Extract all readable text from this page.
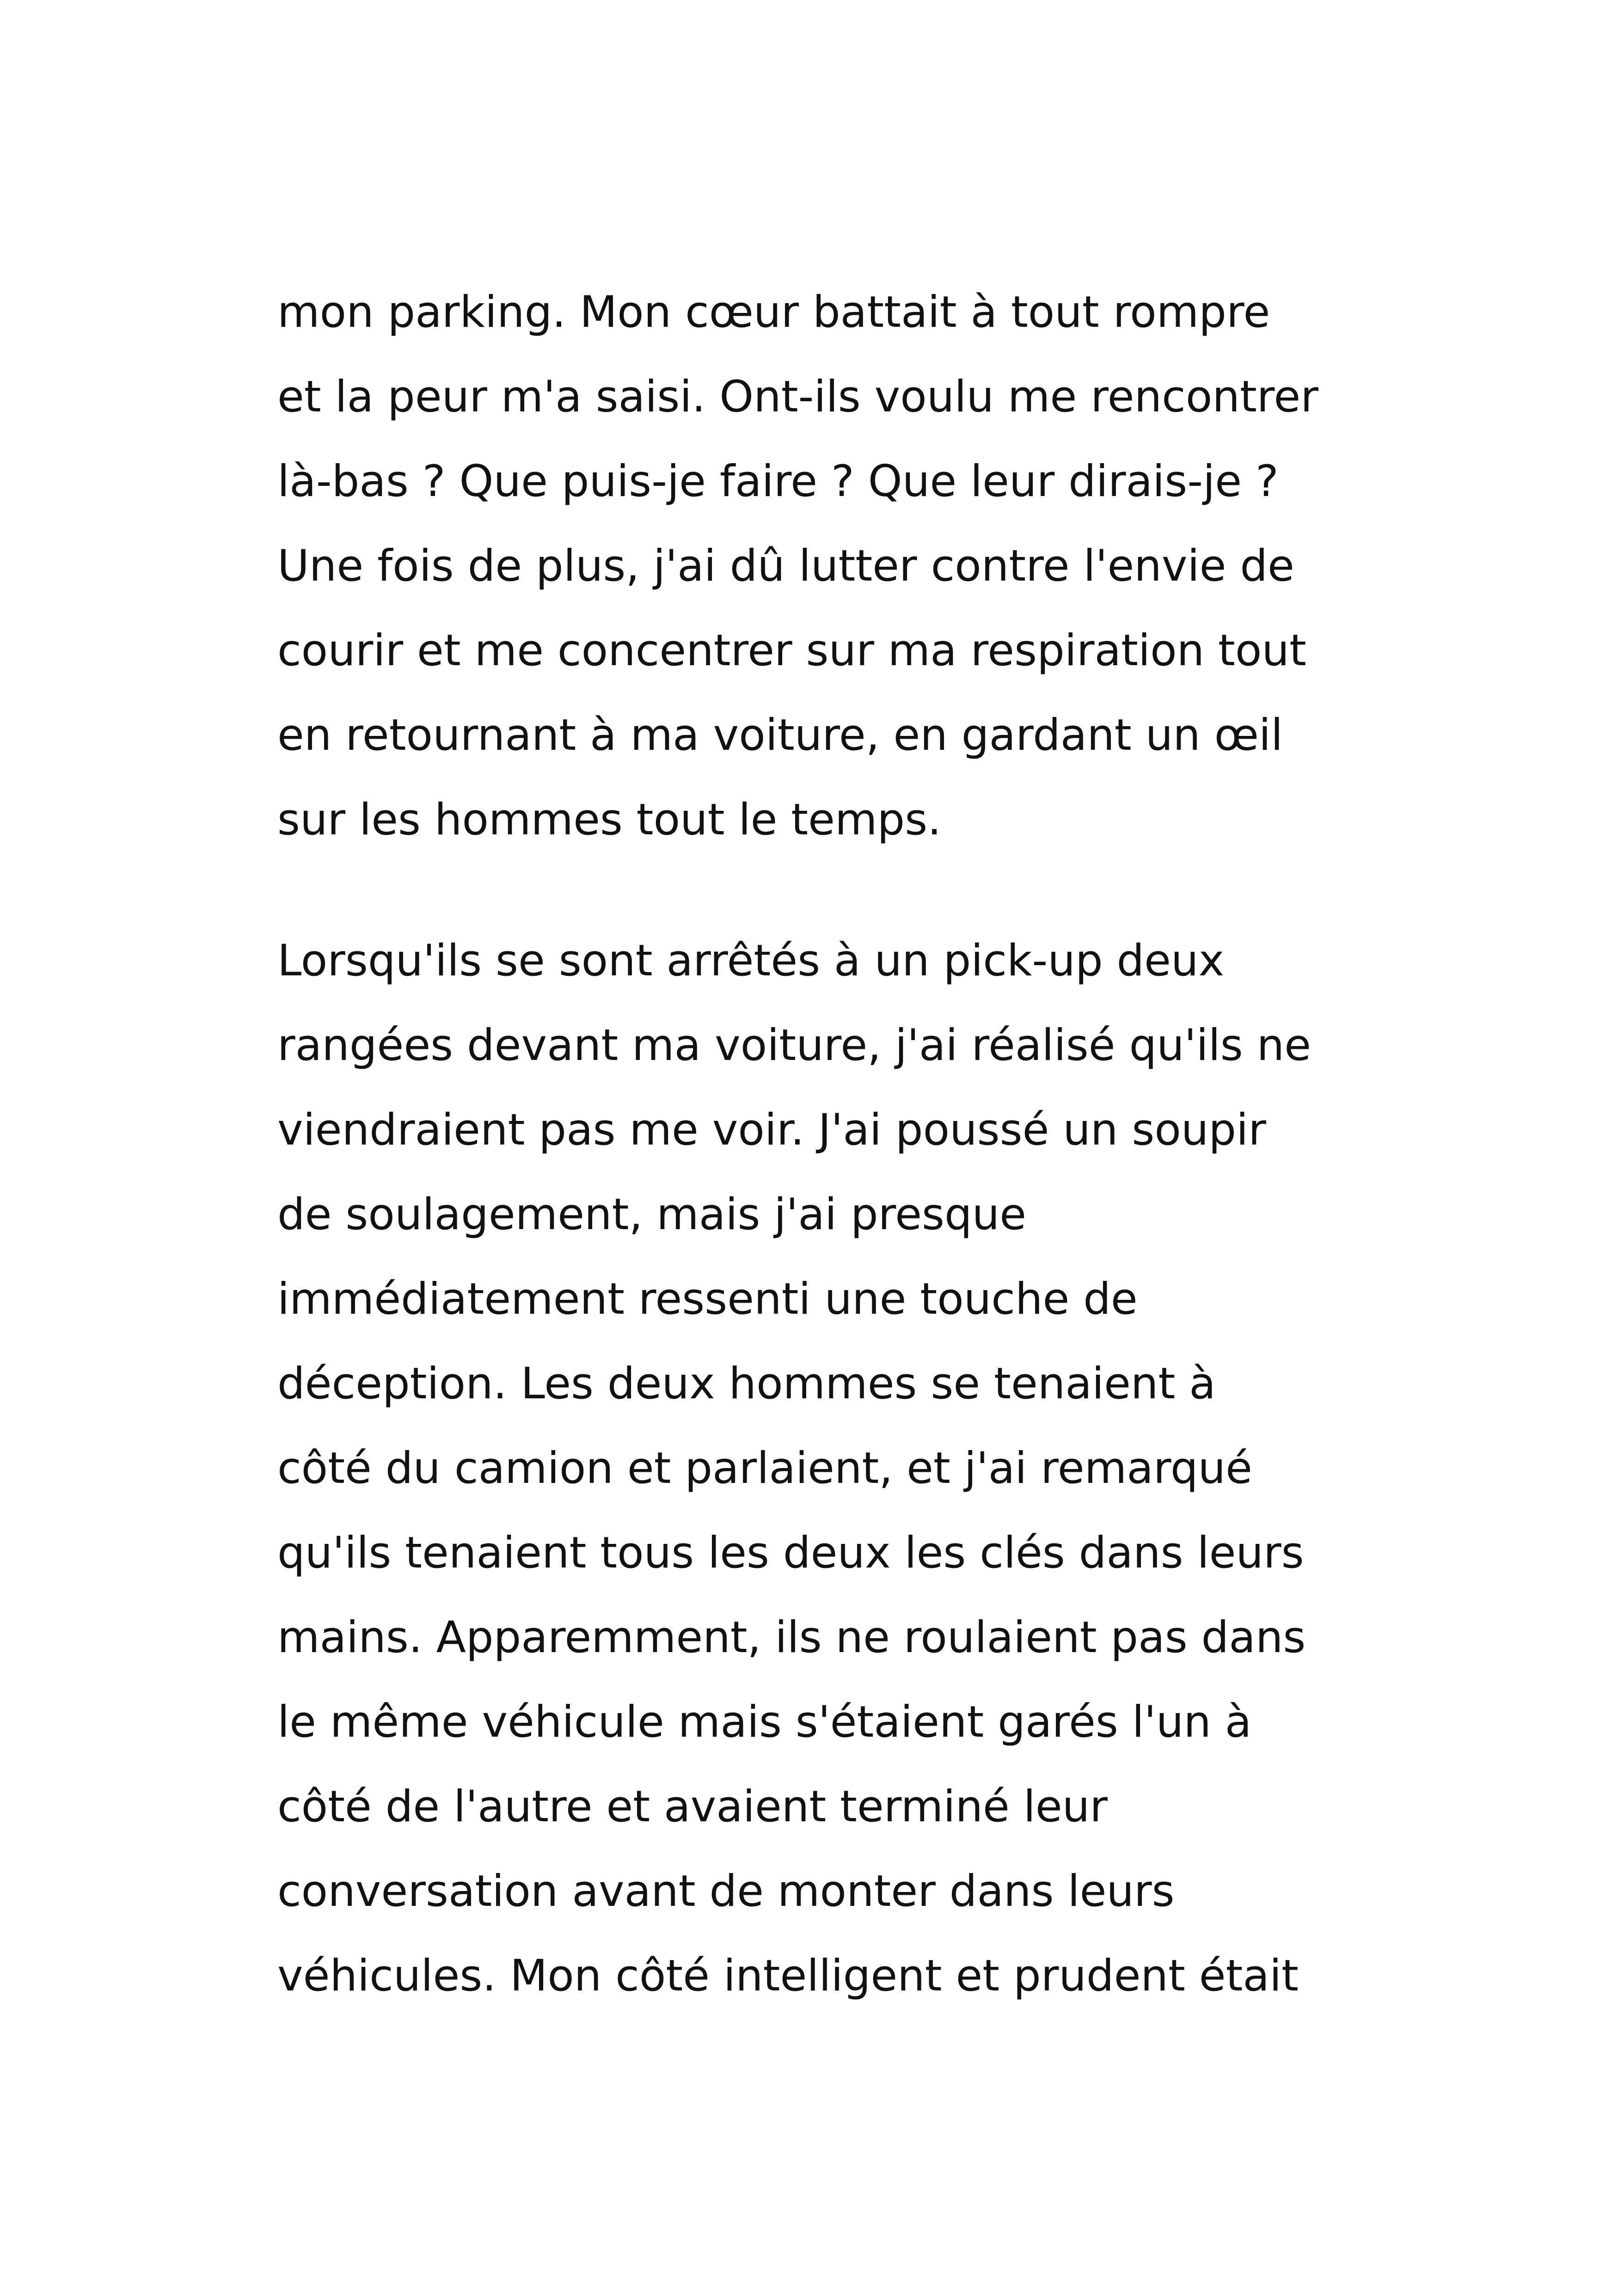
mon parking. Mon cœur battait à tout rompre
et la peur m'a saisi. Ont-ils voulu me rencontrer
là-bas ? Que puis-je faire ? Que leur dirais-je ?
Une fois de plus, j'ai dû lutter contre l'envie de
courir et me concentrer sur ma respiration tout
en retournant à ma voiture, en gardant un œil
sur les hommes tout le temps.
Lorsqu'ils se sont arrêtés à un pick-up deux
rangées devant ma voiture, j'ai réalisé qu'ils ne
viendraient pas me voir. J'ai poussé un soupir
de soulagement, mais j'ai presque
immédiatement ressenti une touche de
déception. Les deux hommes se tenaient à
côté du camion et parlaient, et j'ai remarqué
qu'ils tenaient tous les deux les clés dans leurs
mains. Apparemment, ils ne roulaient pas dans
le même véhicule mais s'étaient garés l'un à
côté de l'autre et avaient terminé leur
conversation avant de monter dans leurs
véhicules. Mon côté intelligent et prudent était
